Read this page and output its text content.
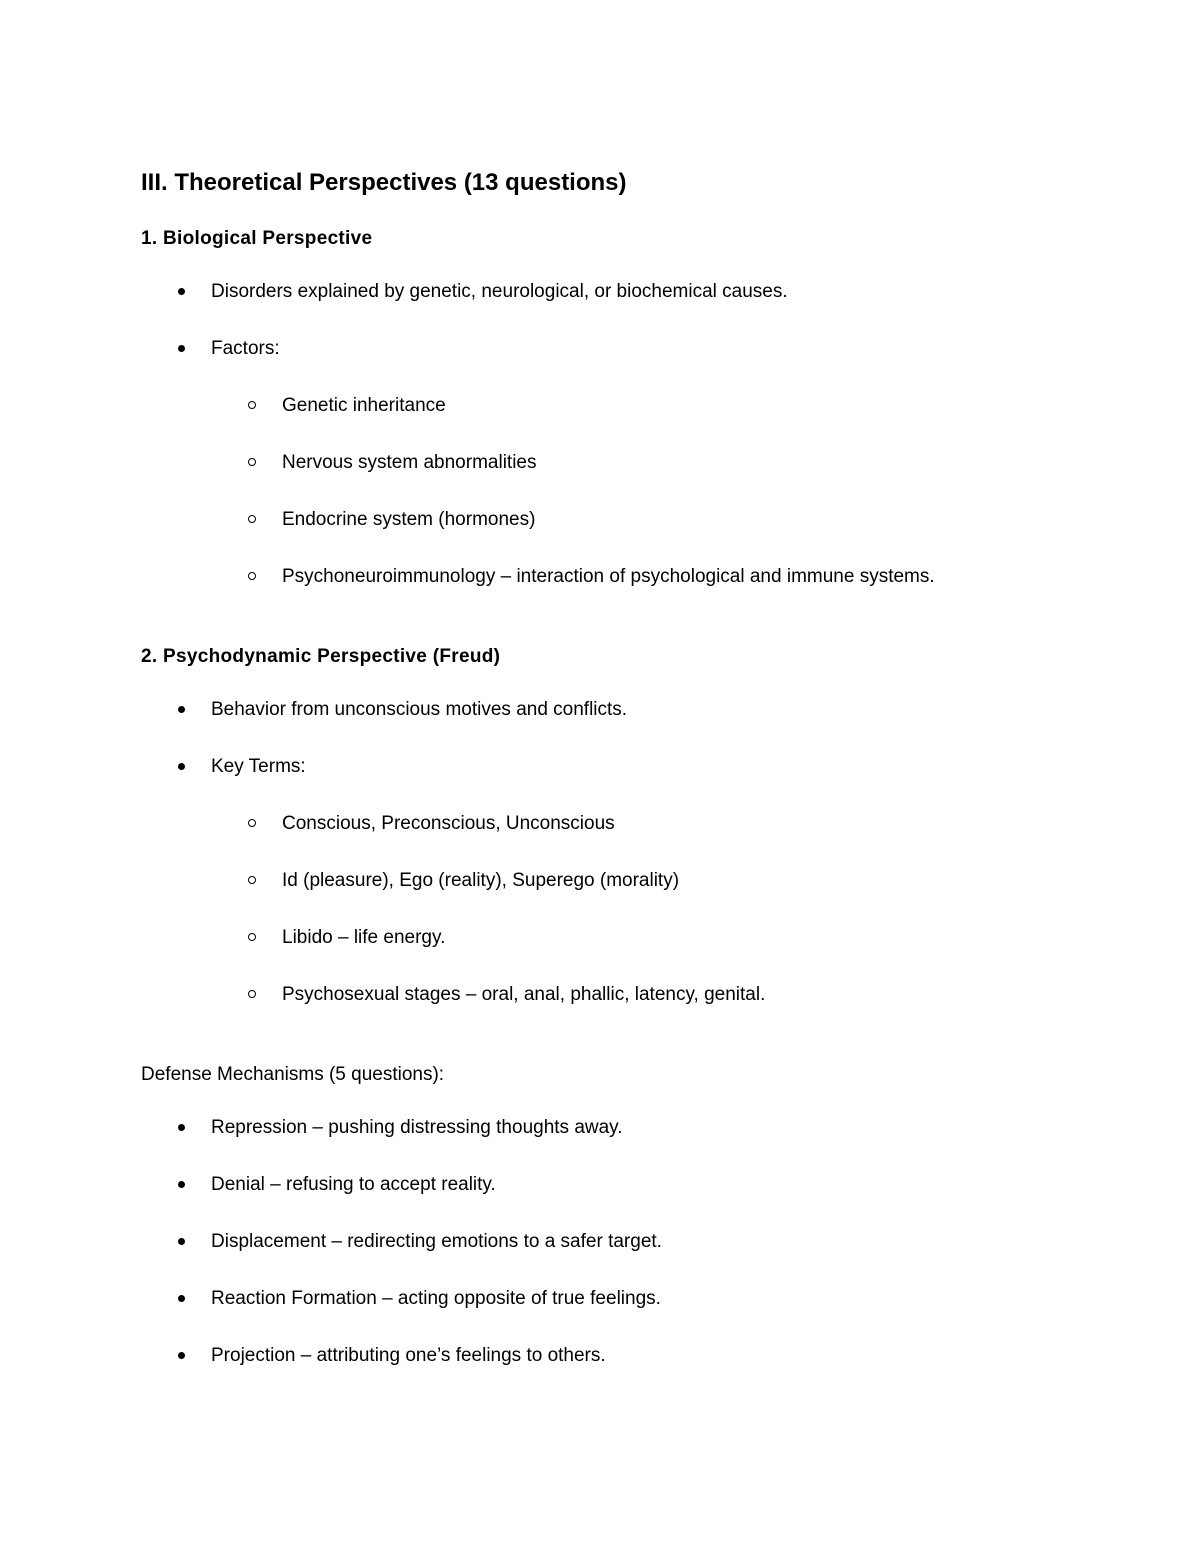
III. Theoretical Perspectives (13 questions)
1. Biological Perspective
Disorders explained by genetic, neurological, or biochemical causes.
Factors:
Genetic inheritance
Nervous system abnormalities
Endocrine system (hormones)
Psychoneuroimmunology – interaction of psychological and immune systems.
2. Psychodynamic Perspective (Freud)
Behavior from unconscious motives and conflicts.
Key Terms:
Conscious, Preconscious, Unconscious
Id (pleasure), Ego (reality), Superego (morality)
Libido – life energy.
Psychosexual stages – oral, anal, phallic, latency, genital.
Defense Mechanisms (5 questions):
Repression – pushing distressing thoughts away.
Denial – refusing to accept reality.
Displacement – redirecting emotions to a safer target.
Reaction Formation – acting opposite of true feelings.
Projection – attributing one’s feelings to others.
